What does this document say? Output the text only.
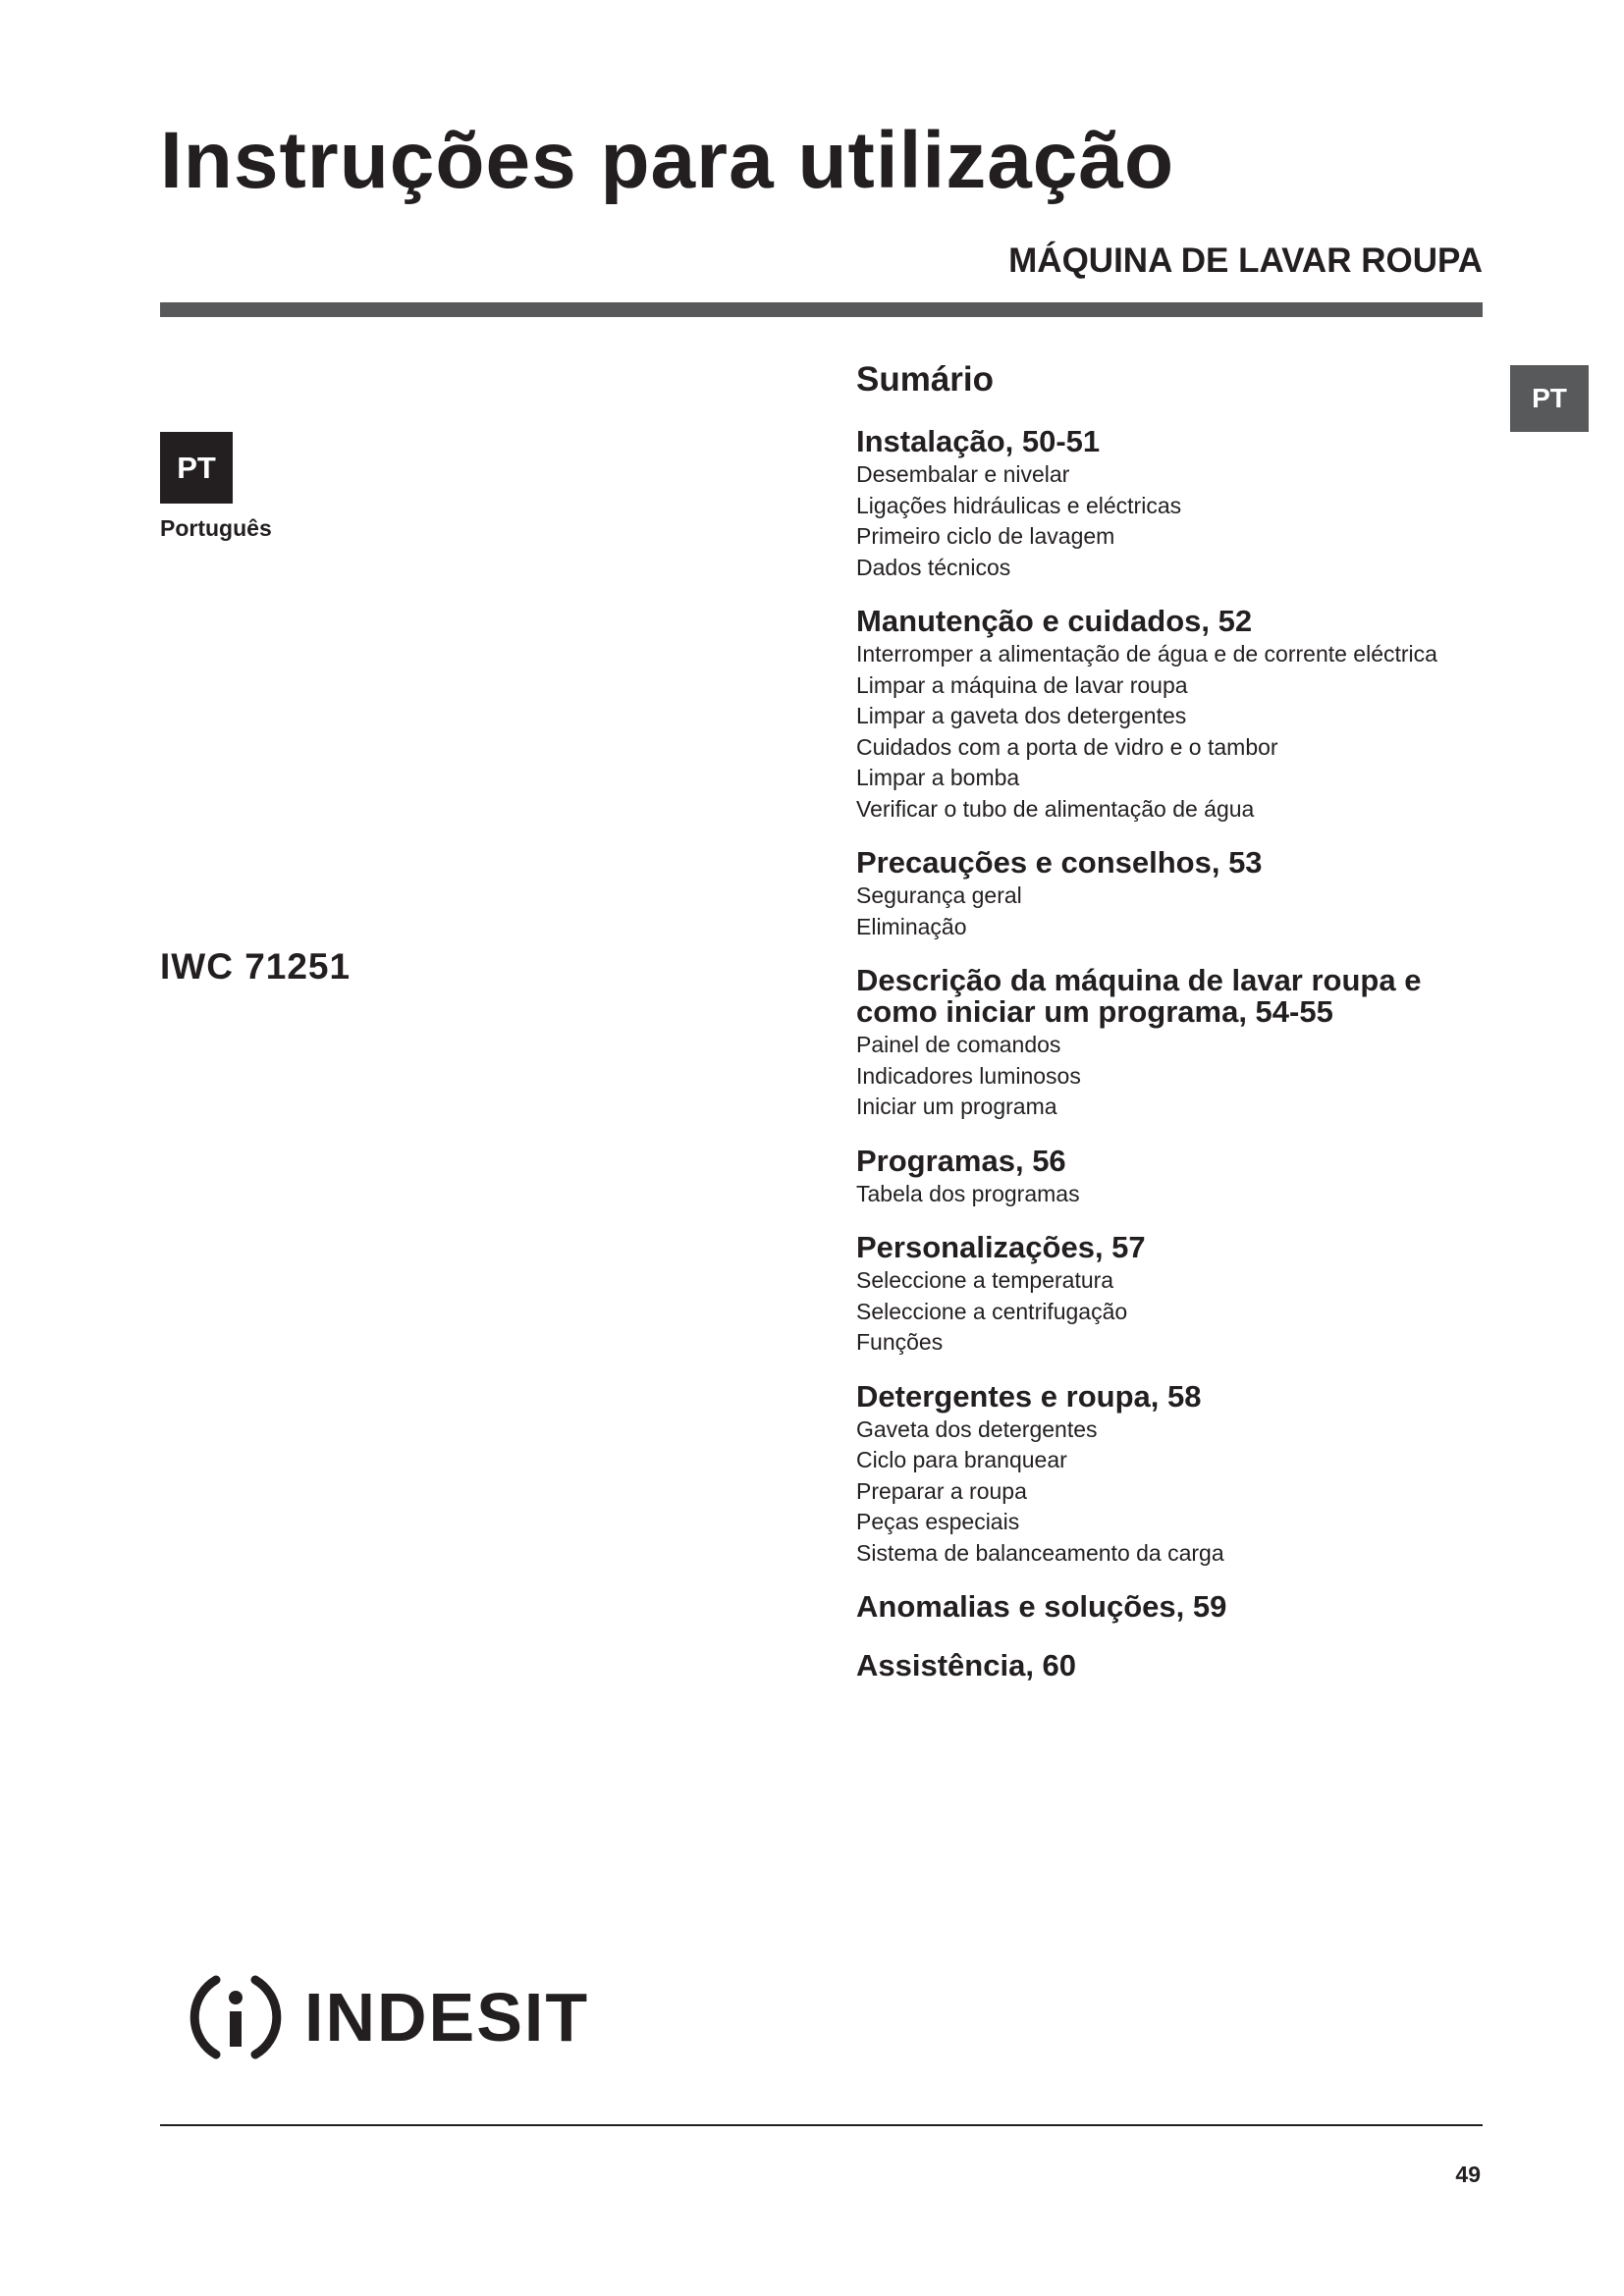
Instruções para utilização
MÁQUINA DE LAVAR ROUPA
PT
Português
IWC 71251
PT
Sumário
Instalação, 50-51
Desembalar e nivelar
Ligações hidráulicas e eléctricas
Primeiro ciclo de lavagem
Dados técnicos
Manutenção e cuidados, 52
Interromper a alimentação de água e de corrente eléctrica
Limpar a máquina de lavar roupa
Limpar a gaveta dos detergentes
Cuidados com a porta de vidro e o tambor
Limpar a bomba
Verificar o tubo de alimentação de água
Precauções e conselhos, 53
Segurança geral
Eliminação
Descrição da máquina de lavar roupa e
como iniciar um programa, 54-55
Painel de comandos
Indicadores luminosos
Iniciar um programa
Programas, 56
Tabela dos programas
Personalizações, 57
Seleccione a temperatura
Seleccione a centrifugação
Funções
Detergentes e roupa, 58
Gaveta dos detergentes
Ciclo para branquear
Preparar a roupa
Peças especiais
Sistema de balanceamento da carga
Anomalias e soluções, 59
Assistência, 60
INDESIT
49
